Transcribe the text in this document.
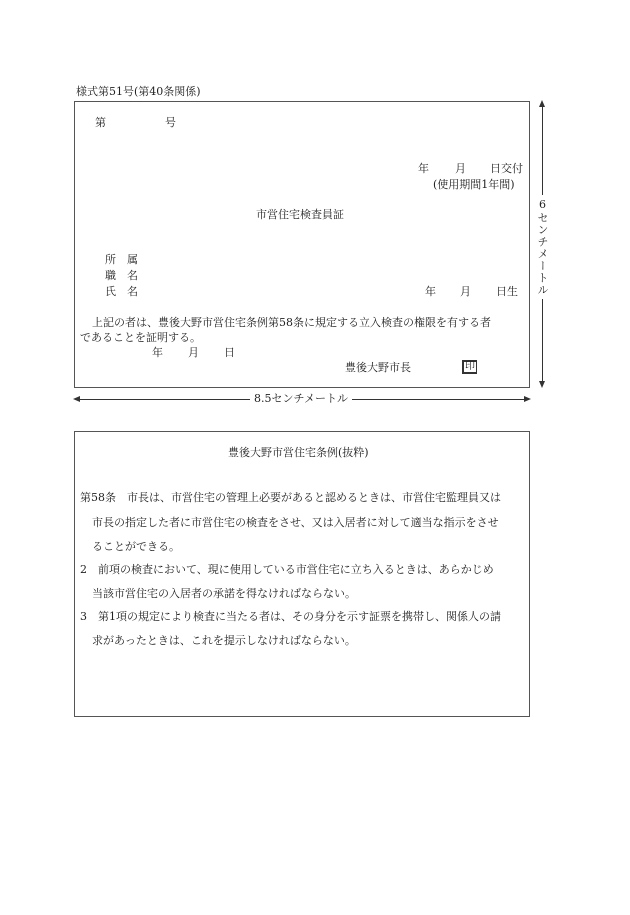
様式第51号(第40条関係)
第	号
年 月 日交付
(使用期間1年間)
市営住宅検査員証
所　属
職　名
氏　名	年 月 日生
上記の者は、豊後大野市営住宅条例第58条に規定する立入検査の権限を有する者
であることを証明する。
年 月 日
豊後大野市長	印
6センチメートル
8.5センチメートル
豊後大野市営住宅条例(抜粋)
第58条　市長は、市営住宅の管理上必要があると認めるときは、市営住宅監理員又は
市長の指定した者に市営住宅の検査をさせ、又は入居者に対して適当な指示をさせ
ることができる。
2　前項の検査において、現に使用している市営住宅に立ち入るときは、あらかじめ
当該市営住宅の入居者の承諾を得なければならない。
3　第1項の規定により検査に当たる者は、その身分を示す証票を携帯し、関係人の請
求があったときは、これを提示しなければならない。
